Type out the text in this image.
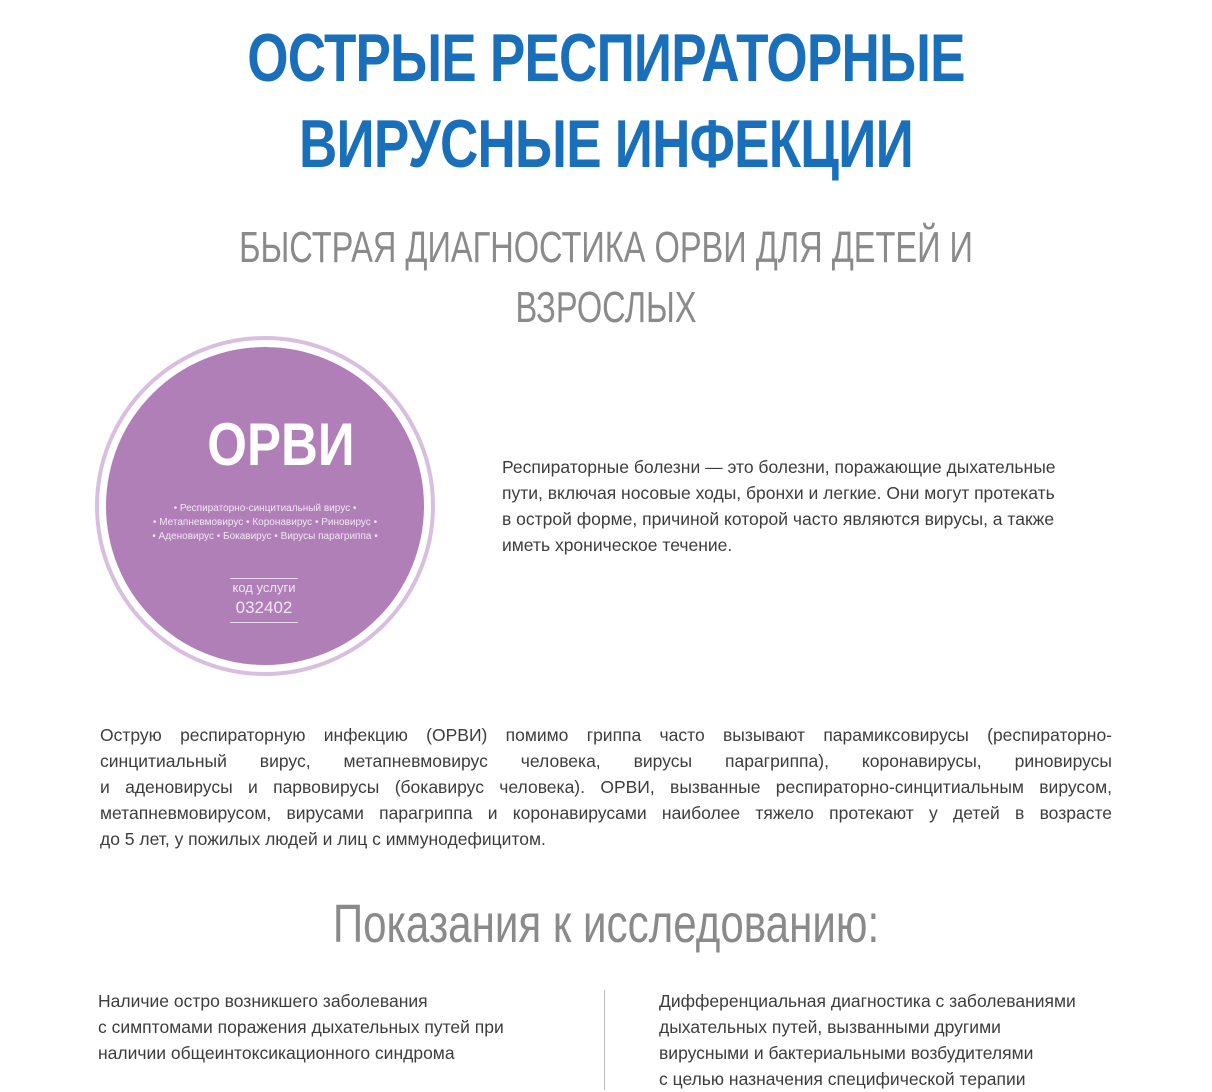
ОСТРЫЕ РЕСПИРАТОРНЫЕ
ВИРУСНЫЕ ИНФЕКЦИИ
БЫСТРАЯ ДИАГНОСТИКА ОРВИ ДЛЯ ДЕТЕЙ И ВЗРОСЛЫХ
ОРВИ
• Респираторно-синцитиальный вирус •
• Метапневмовирус • Коронавирус • Риновирус •
• Аденовирус • Бокавирус • Вирусы парагриппа •
код услуги
032402
Респираторные болезни — это болезни, поражающие дыхательные
пути, включая носовые ходы, бронхи и легкие. Они могут протекать
в острой форме, причиной которой часто являются вирусы, а также
иметь хроническое течение.
Острую респираторную инфекцию (ОРВИ) помимо гриппа часто вызывают парамиксовирусы (респираторно-
синцитиальный вирус, метапневмовирус человека, вирусы парагриппа), коронавирусы, риновирусы
и аденовирусы и парвовирусы (бокавирус человека). ОРВИ, вызванные респираторно-синцитиальным вирусом,
метапневмовирусом, вирусами парагриппа и коронавирусами наиболее тяжело протекают у детей в возрасте
до 5 лет, у пожилых людей и лиц с иммунодефицитом.
Показания к исследованию:
Наличие остро возникшего заболевания
с симптомами поражения дыхательных путей при
наличии общеинтоксикационного синдрома
Дифференциальная диагностика с заболеваниями
дыхательных путей, вызванными другими
вирусными и бактериальными возбудителями
с целью назначения специфической терапии
